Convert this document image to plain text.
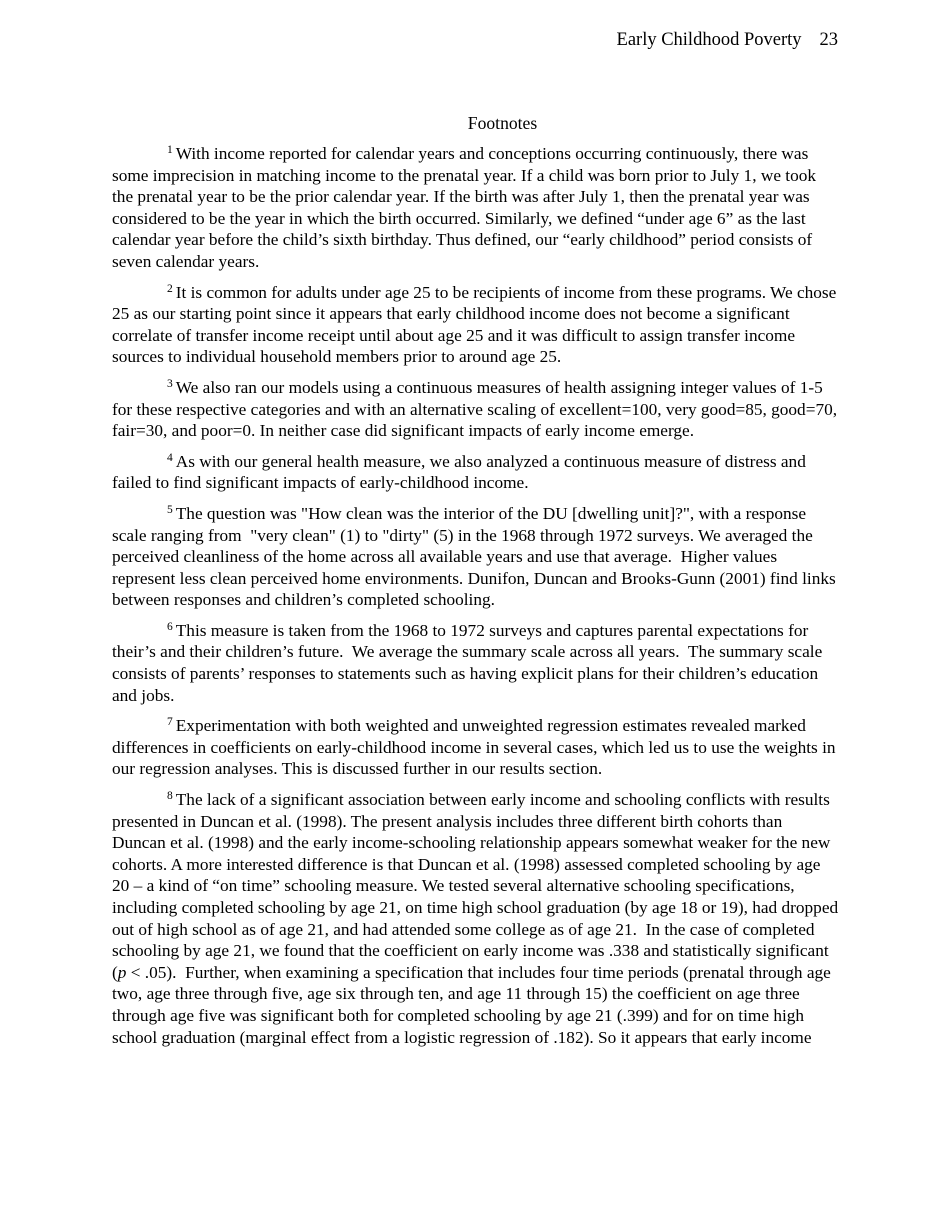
Early Childhood Poverty 23
Footnotes

$^1$ With income reported for calendar years and conceptions occurring continuously, there was some imprecision in matching income to the prenatal year. If a child was born prior to July 1, we took the prenatal year to be the prior calendar year. If the birth was after July 1, then the prenatal year was considered to be the year in which the birth occurred. Similarly, we defined “under age 6” as the last calendar year before the child’s sixth birthday. Thus defined, our “early childhood” period consists of seven calendar years.

$^2$ It is common for adults under age 25 to be recipients of income from these programs. We chose 25 as our starting point since it appears that early childhood income does not become a significant correlate of transfer income receipt until about age 25 and it was difficult to assign transfer income sources to individual household members prior to around age 25.

$^3$ We also ran our models using a continuous measures of health assigning integer values of 1-5 for these respective categories and with an alternative scaling of excellent=100, very good=85, good=70, fair=30, and poor=0. In neither case did significant impacts of early income emerge.

$^4$ As with our general health measure, we also analyzed a continuous measure of distress and failed to find significant impacts of early-childhood income.

$^5$ The question was "How clean was the interior of the DU [dwelling unit]?", with a response scale ranging from  "very clean" (1) to "dirty" (5) in the 1968 through 1972 surveys. We averaged the perceived cleanliness of the home across all available years and use that average.  Higher values represent less clean perceived home environments. Dunifon, Duncan and Brooks-Gunn (2001) find links between responses and children’s completed schooling.

$^6$ This measure is taken from the 1968 to 1972 surveys and captures parental expectations for their’s and their children’s future.  We average the summary scale across all years.  The summary scale consists of parents’ responses to statements such as having explicit plans for their children’s education and jobs.

$^7$ Experimentation with both weighted and unweighted regression estimates revealed marked differences in coefficients on early-childhood income in several cases, which led us to use the weights in our regression analyses. This is discussed further in our results section.

$^8$ The lack of a significant association between early income and schooling conflicts with results presented in Duncan et al. (1998). The present analysis includes three different birth cohorts than Duncan et al. (1998) and the early income-schooling relationship appears somewhat weaker for the new cohorts. A more interested difference is that Duncan et al. (1998) assessed completed schooling by age 20 – a kind of “on time” schooling measure. We tested several alternative schooling specifications, including completed schooling by age 21, on time high school graduation (by age 18 or 19), had dropped out of high school as of age 21, and had attended some college as of age 21.  In the case of completed schooling by age 21, we found that the coefficient on early income was .338 and statistically significant (p < .05).  Further, when examining a specification that includes four time periods (prenatal through age two, age three through five, age six through ten, and age 11 through 15) the coefficient on age three through age five was significant both for completed schooling by age 21 (.399) and for on time high school graduation (marginal effect from a logistic regression of .182). So it appears that early income
